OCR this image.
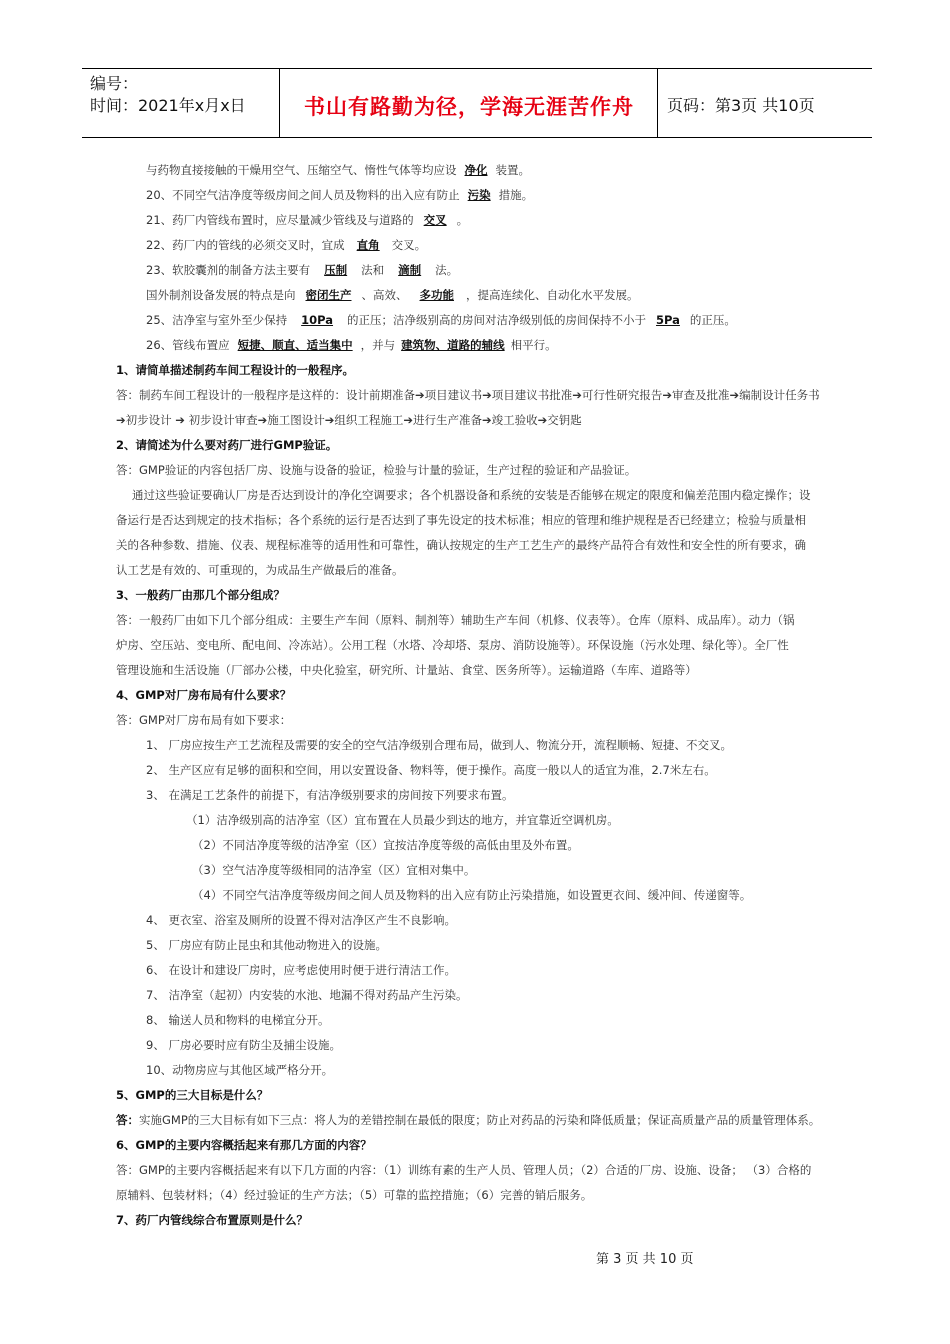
编号：
时间：2021年x月x日	书山有路勤为径，学海无涯苦作舟	页码：第3页 共10页
与药物直接接触的干燥用空气、压缩空气、惰性气体等均应设 净化 装置。
20、不同空气洁净度等级房间之间人员及物料的出入应有防止 污染 措施。
21、药厂内管线布置时，应尽量减少管线及与道路的 交叉 。
22、药厂内的管线的必须交叉时，宜成 直角 交叉。
23、软胶囊剂的制备方法主要有 压制 法和 滴制 法。
国外制剂设备发展的特点是向 密闭生产 、高效、 多功能 ，提高连续化、自动化水平发展。
25、洁净室与室外至少保持 10Pa 的正压；洁净级别高的房间对洁净级别低的房间保持不小于 5Pa 的正压。
26、管线布置应 短捷、顺直、适当集中 ，并与 建筑物、道路的辅线 相平行。
1、请简单描述制药车间工程设计的一般程序。
答：制药车间工程设计的一般程序是这样的：设计前期准备➔项目建议书➔项目建议书批准➔可行性研究报告➔审查及批准➔编制设计任务书
➔初步设计 ➔ 初步设计审查➔施工图设计➔组织工程施工➔进行生产准备➔竣工验收➔交钥匙
2、请简述为什么要对药厂进行GMP验证。
答：GMP验证的内容包括厂房、设施与设备的验证，检验与计量的验证，生产过程的验证和产品验证。
通过这些验证要确认厂房是否达到设计的净化空调要求；各个机器设备和系统的安装是否能够在规定的限度和偏差范围内稳定操作；设
备运行是否达到规定的技术指标；各个系统的运行是否达到了事先设定的技术标准；相应的管理和维护规程是否已经建立；检验与质量相
关的各种参数、措施、仪表、规程标准等的适用性和可靠性，确认按规定的生产工艺生产的最终产品符合有效性和安全性的所有要求，确
认工艺是有效的、可重现的，为成品生产做最后的准备。
3、一般药厂由那几个部分组成？
答：一般药厂由如下几个部分组成：主要生产车间（原料、制剂等）辅助生产车间（机修、仪表等）。仓库（原料、成品库）。动力（锅
炉房、空压站、变电所、配电间、冷冻站）。公用工程（水塔、冷却塔、泵房、消防设施等）。环保设施（污水处理、绿化等）。全厂性
管理设施和生活设施（厂部办公楼，中央化验室，研究所、计量站、食堂、医务所等）。运输道路（车库、道路等）
4、GMP对厂房布局有什么要求？
答：GMP对厂房布局有如下要求：
1、 厂房应按生产工艺流程及需要的安全的空气洁净级别合理布局，做到人、物流分开，流程顺畅、短捷、不交叉。
2、 生产区应有足够的面积和空间，用以安置设备、物料等，便于操作。高度一般以人的适宜为准，2.7米左右。
3、 在满足工艺条件的前提下，有洁净级别要求的房间按下列要求布置。
（1）洁净级别高的洁净室（区）宜布置在人员最少到达的地方，并宜靠近空调机房。
（2）不同洁净度等级的洁净室（区）宜按洁净度等级的高低由里及外布置。
（3）空气洁净度等级相同的洁净室（区）宜相对集中。
（4）不同空气洁净度等级房间之间人员及物料的出入应有防止污染措施，如设置更衣间、缓冲间、传递窗等。
4、 更衣室、浴室及厕所的设置不得对洁净区产生不良影响。
5、 厂房应有防止昆虫和其他动物进入的设施。
6、 在设计和建设厂房时，应考虑使用时便于进行清洁工作。
7、 洁净室（起初）内安装的水池、地漏不得对药品产生污染。
8、 输送人员和物料的电梯宜分开。
9、 厂房必要时应有防尘及捕尘设施。
10、动物房应与其他区域严格分开。
5、GMP的三大目标是什么？
答：实施GMP的三大目标有如下三点：将人为的差错控制在最低的限度；防止对药品的污染和降低质量；保证高质量产品的质量管理体系。
6、GMP的主要内容概括起来有那几方面的内容？
答：GMP的主要内容概括起来有以下几方面的内容：（1）训练有素的生产人员、管理人员；（2）合适的厂房、设施、设备； （3）合格的
原辅料、包装材料；（4）经过验证的生产方法；（5）可靠的监控措施；（6）完善的销后服务。
7、药厂内管线综合布置原则是什么？
第 3 页 共 10 页
